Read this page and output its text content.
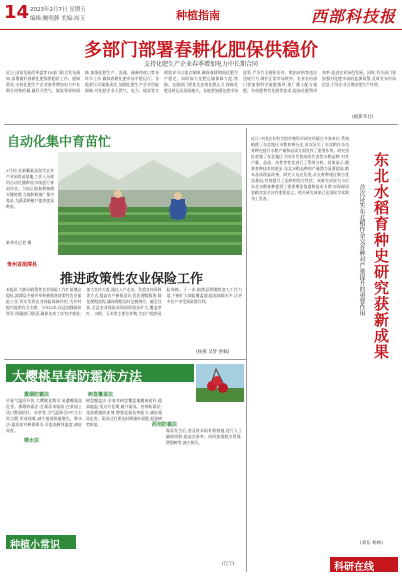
14 2023年2月7日 星期五
编辑:鲍明静 美编:周玉	种植指南	西部科技报
多部门部署春耕化肥保供稳价
支持化肥生产企业春季增加电力中长期合同
近日,国家发展改革委等10部门联合发布通知,部署做好春耕化肥保供稳价工作。通知要求,支持化肥生产企业春季增加电力中长期合同签约量,做好天然气、煤炭等原料保障,加强化肥生产、流通、储备和进口等各环节工作,确保春耕化肥市场平稳运行。各地要压实属地责任,加强化肥生产企业用能保障,对化肥企业天然气、电力、煤炭等合理需求予以重点保障,确保春耕期间化肥生产稳定。同时加大化肥运输保障力度,铁路、交通部门要优先安排化肥运力,保障化肥及时运达田间地头。各地要加强化肥市场监管,严厉打击囤积居奇、哄抬价格等违法违规行为,维护正常市场秩序。农业农村部门要加强科学施肥指导,推广测土配方施肥、有机肥替代化肥等技术,提高化肥利用效率,促进农业绿色发展。同时,有关部门要加强对化肥市场的监测预警,及时发布市场信息,引导企业合理安排生产经营。
(据新华社)
自动化集中育苗忙
2月初,在新疆某县现代农业产业园育苗基地,工作人员使用自动化播种流水线进行育苗作业。当前正值春耕备耕关键时期,当地积极推广集中育苗,为蔬菜种植户提供优质种苗。
新华社记者 摄
贵州省湄潭县
推进政策性农业保险工作
本报讯 为推动政策性农业保险工作扩面增品提标,湄潭县多措并举积极推进政策性农业保险工作,切实发挥农业保险保障作用,为乡村振兴提供有力支撑。今年以来,该县加强组织领导,明确部门职责,确保各项工作有序推进;加大宣传力度,通过入户走访、发放宣传资料等方式,提高农户参保意识;优化理赔服务,简化理赔流程,确保理赔及时足额到位。截至目前,全县农业保险承保面积稳步扩大,覆盖茶叶、水稻、玉米等主要农作物,为农户提供风险保障。下一步,湄潭县将继续加大工作力度,不断扩大保险覆盖面,提高保障水平,让更多农户享受到政策红利。
(杨燕 吴梦 供稿)
大樱桃早春防霜冻方法
熏烟防霜法
喷水法
树盘覆盖法
药剂防霜法
早春气温回升快,大樱桃花期早,易遭晚霜冻危害。熏烟防霜法:在霜冻来临前,在果园上风口堆放秸秆、杂草等,当气温降至0℃左右时点燃,形成烟雾,减少地面热量散失。喷水法:霜冻前对树体喷水,可提高树体温度,减轻冻害。
树盘覆盖法:早春对树盘覆盖地膜或秸秆,提高地温,延迟开花期,避开霜冻。药剂防霜法:花前喷施防冻剂,增强花器抗寒能力,减轻霜冻危害。霜冻过后要及时喷施叶面肥,促进树势恢复。
霜冻发生后,要及时采取补救措施,进行人工辅助授粉,提高坐果率。同时加强肥水管理,增强树势,减少损失。
(辽宁)
种植小常识
东北水稻育种史研究获新成果
首次证实东北稻作杂交育种对产量提升的重要作用
近日,中国农业科学院作物科学研究所联合多家单位,系统梳理了东北地区水稻育种历史,首次证实了东北稻作杂交育种在提升水稻产量和品质方面发挥了重要作用。研究团队收集了东北地区不同年代育成的代表性水稻品种,对其产量、品质、抗性等性状进行了系统分析。结果显示,随着育种技术的进步,东北水稻品种的产量潜力显著提高,稻米品质明显改善。研究人员还发现,杂交育种通过聚合优良基因,有效提升了品种的综合性状。该研究成果为今后东北水稻育种提供了重要理论依据和技术支撑,对保障国家粮食安全具有重要意义。相关研究成果已在国际学术期刊上发表。
(刘东 杨林)
科研在线
